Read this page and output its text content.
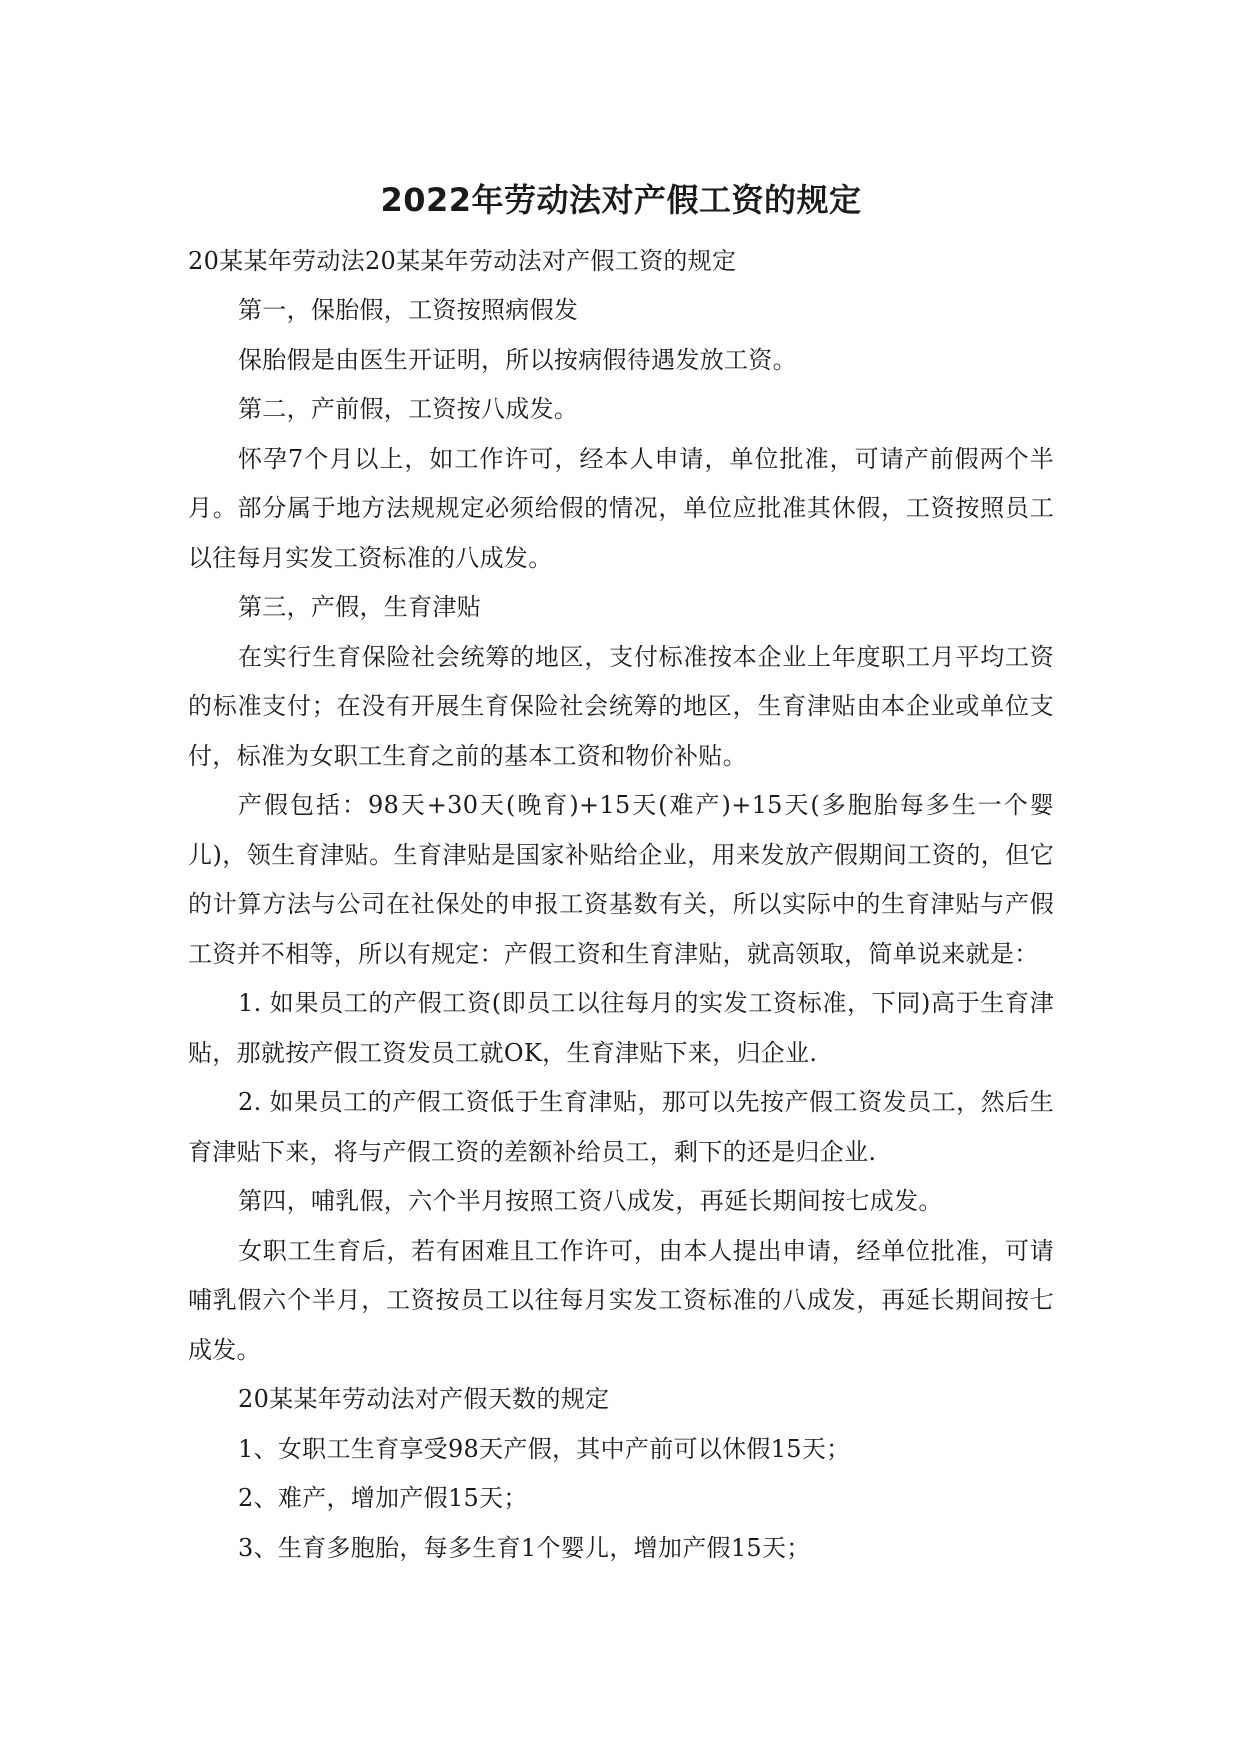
2022年劳动法对产假工资的规定

20某某年劳动法20某某年劳动法对产假工资的规定

第一，保胎假，工资按照病假发

保胎假是由医生开证明，所以按病假待遇发放工资。

第二，产前假，工资按八成发。

怀孕7个月以上，如工作许可，经本人申请，单位批准，可请产前假两个半月。部分属于地方法规规定必须给假的情况，单位应批准其休假，工资按照员工以往每月实发工资标准的八成发。

第三，产假，生育津贴

在实行生育保险社会统筹的地区，支付标准按本企业上年度职工月平均工资的标准支付；在没有开展生育保险社会统筹的地区，生育津贴由本企业或单位支付，标准为女职工生育之前的基本工资和物价补贴。

产假包括：98天+30天(晚育)+15天(难产)+15天(多胞胎每多生一个婴儿)，领生育津贴。生育津贴是国家补贴给企业，用来发放产假期间工资的，但它的计算方法与公司在社保处的申报工资基数有关，所以实际中的生育津贴与产假工资并不相等，所以有规定：产假工资和生育津贴，就高领取，简单说来就是：

1. 如果员工的产假工资(即员工以往每月的实发工资标准，下同)高于生育津贴，那就按产假工资发员工就OK，生育津贴下来，归企业.

2. 如果员工的产假工资低于生育津贴，那可以先按产假工资发员工，然后生育津贴下来，将与产假工资的差额补给员工，剩下的还是归企业.

第四，哺乳假，六个半月按照工资八成发，再延长期间按七成发。

女职工生育后，若有困难且工作许可，由本人提出申请，经单位批准，可请哺乳假六个半月，工资按员工以往每月实发工资标准的八成发，再延长期间按七成发。

20某某年劳动法对产假天数的规定

1、女职工生育享受98天产假，其中产前可以休假15天；

2、难产，增加产假15天；

3、生育多胞胎，每多生育1个婴儿，增加产假15天；
